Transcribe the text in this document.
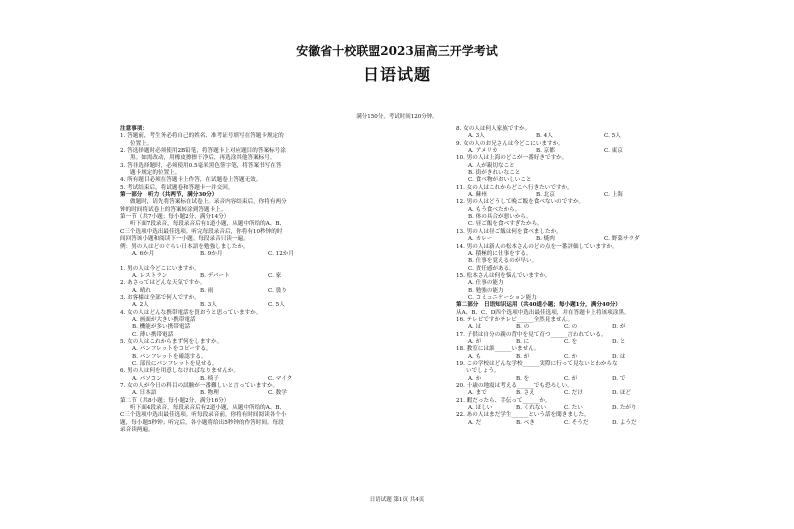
安徽省十校联盟2023届高三开学考试
日语试题
满分150分，考试时间120分钟。
注意事项：
1. 答题前，考生务必将自己的姓名、准考证号填写在答题卡规定的
位置上。
2. 答选择题时必须使用2B铅笔，将答题卡上对应题目的答案标号涂
黑。如需改动，用橡皮擦擦干净后，再选涂其他答案标号。
3. 答非选择题时，必须使用0.5毫米黑色签字笔，将答案书写在答
题卡规定的位置上。
4. 所有题目必须在答题卡上作答，在试题卷上答题无效。
5. 考试结束后，将试题卷和答题卡一并交回。
第一部分　听力（共两节，满分30分）
做题时，请先将答案标在试卷上。录音内容结束后，你将有两分
钟的时间将试卷上的答案转涂到答题卡上。
第一节（共7小题；每小题2分，满分14分）
听下面7段录音，每段录音后有1道小题，从题中所给的A、B、
C三个选项中选出最佳选项。听完每段录音后，你将有10秒钟的时
间回答该小题和阅读下一小题。每段录音只读一遍。
例：男の人はどのぐらい日本語を勉強しましたか。
A. 6か月	B. 9か月	C. 12か月

1. 男の人は今どこにいますか。
A. レストラン	B. デパート	C. 家
2. あさってはどんな天気ですか。
A. 晴れ	B. 雨	C. 曇り
3. お客様は全部で何人ですか。
A. 2人	B. 3人	C. 5人
4. 女の人はどんな携帯電話を買おうと思っていますか。
A. 画面が大きい携帯電話
B. 機能が多い携帯電話
C. 薄い携帯電話
5. 女の人はこれからまず何をしますか。
A. パンフレットをコピーする。
B. パンフレットを確認する。
C. 部長にパンフレットを見せる。
6. 男の人は何を用意しなければなりませんか。
A. パソコン	B. 椅子	C. マイク
7. 女の人が今日の科目の試験が一番難しいと言っていますか。
A. 日本語	B. 物理	C. 数学
第二节（共8小题；每小题2分，满分16分）
听下面4段录音，每段录音后有2道小题，从题中所给的A、B、
C三个选项中选出最佳选项。听每段录音前，你将有时间阅读各个小
题，每小题5秒钟；听完后，各小题将给出5秒钟的作答时间。每段
录音读两遍。
8. 女の人は何人家族ですか。
A. 3人	B. 4人	C. 5人
9. 女の人のお兄さんは今どこにいますか。
A. アメリカ	B. 京都	C. 東京
10. 男の人は上海のどこが一番好きですか。
A. 人が親切なこと
B. 街がきれいなこと
C. 食べ物がおいしいこと
11. 女の人はこれからどこへ行きたいですか。
A. 蘇州	B. 北京	C. 上海
12. 男の人はどうして晩ご飯を食べないのですか。
A. もう食べたから。
B. 体の具合が悪いから。
C. 昼ご飯を食べすぎたから。
13. 男の人は昼ご飯は何を食べましたか。
A. カレー	B. 焼肉	C. 野菜サラダ
14. 男の人は新人の松本さんのどの点を一番評価していますか。
A. 積極的に仕事をする。
B. 仕事を覚えるのが早い。
C. 責任感がある。
15. 松本さんは何を悩んでいますか。
A. 仕事の能力
B. 勉強の能力
C. コミュニケーション能力
第二部分　日语知识运用（共40道小题；每小题1分，满分40分）
从A、B、C、D四个选项中选出最佳选项，并在答题卡上将该项涂黑。
16. テレビですかテレビ______全然見ません。
A. は	B. の	C. の	D. が
17. 子供は自分の親の背中を見て育つ______言われている。
A. が	B. に	C. を	D. と
18. 教室には誰______いません。
A. も	B. が	C. か	D. は
19. この学校はどんな学校______実際に行って見ないとわからな
いでしょう。
A. か	B. を	C. が	D. で
20. 十歳の地震は考える______でも恐ろしい。
A. まで	B. さえ	C. だけ	D. ほど
21. 暇だったら、手伝って______か。
A. ほしい	B. くれない	C. たい	D. たがり
22. あの人はまだ学生______という話を聞きました。
A. だ	B. べき	C. そうだ	D. ようだ
日语试题 第1页 共4页
